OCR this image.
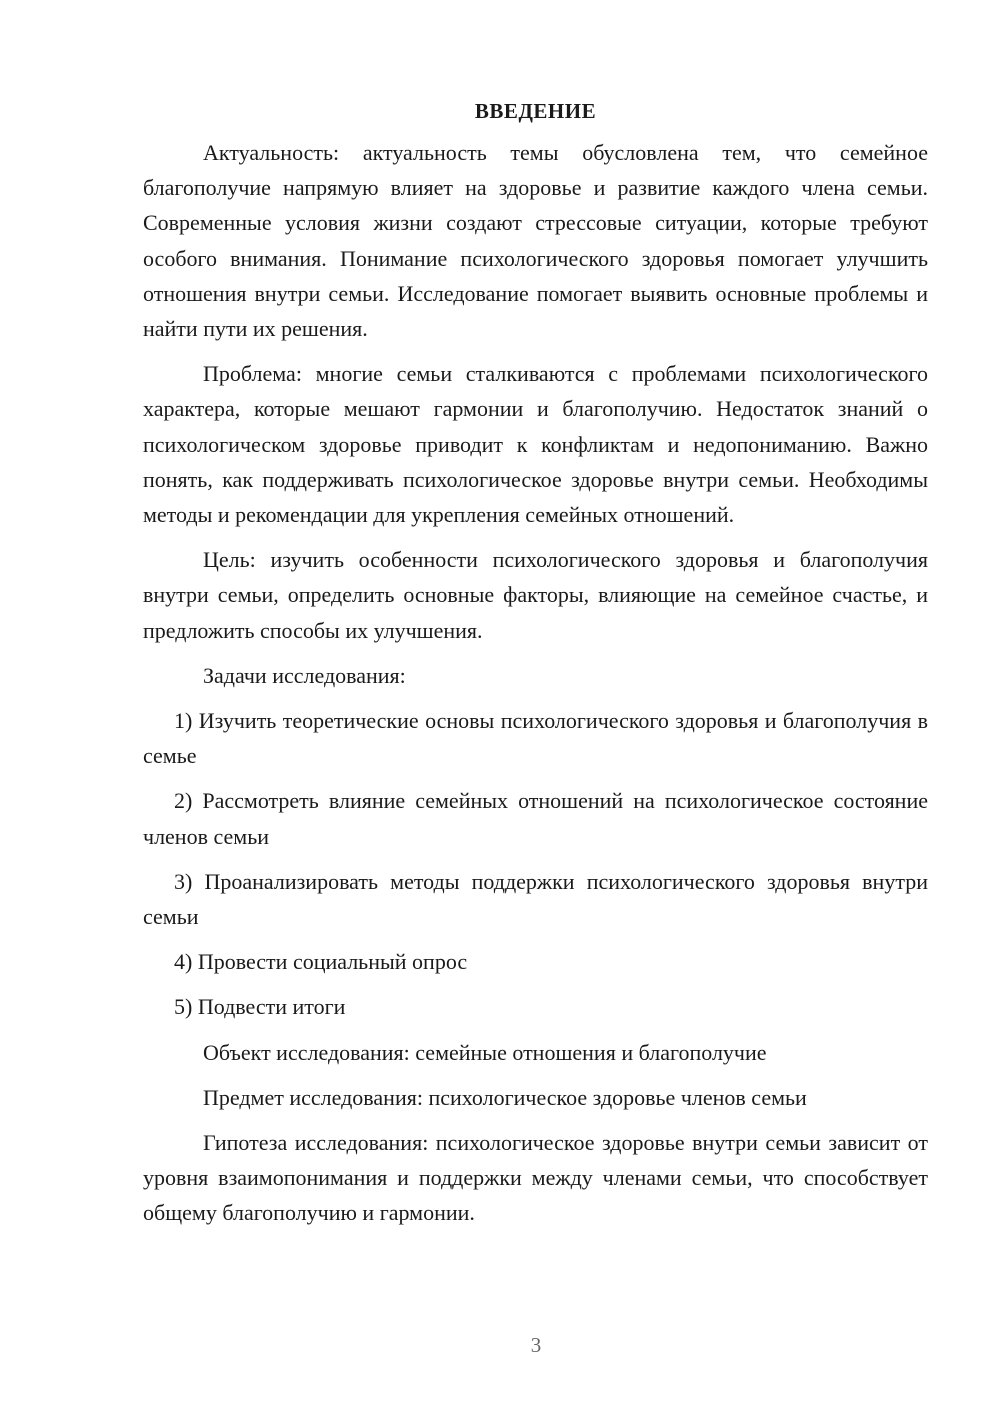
ВВЕДЕНИЕ

Актуальность: актуальность темы обусловлена тем, что семейное благополучие напрямую влияет на здоровье и развитие каждого члена семьи. Современные условия жизни создают стрессовые ситуации, которые требуют особого внимания. Понимание психологического здоровья помогает улучшить отношения внутри семьи. Исследование помогает выявить основные проблемы и найти пути их решения.

Проблема: многие семьи сталкиваются с проблемами психологического характера, которые мешают гармонии и благополучию. Недостаток знаний о психологическом здоровье приводит к конфликтам и недопониманию. Важно понять, как поддерживать психологическое здоровье внутри семьи. Необходимы методы и рекомендации для укрепления семейных отношений.

Цель: изучить особенности психологического здоровья и благополучия внутри семьи, определить основные факторы, влияющие на семейное счастье, и предложить способы их улучшения.

Задачи исследования:

1) Изучить теоретические основы психологического здоровья и благополучия в семье

2) Рассмотреть влияние семейных отношений на психологическое состояние членов семьи

3) Проанализировать методы поддержки психологического здоровья внутри семьи

4) Провести социальный опрос

5) Подвести итоги

Объект исследования: семейные отношения и благополучие

Предмет исследования: психологическое здоровье членов семьи

Гипотеза исследования: психологическое здоровье внутри семьи зависит от уровня взаимопонимания и поддержки между членами семьи, что способствует общему благополучию и гармонии.

3
